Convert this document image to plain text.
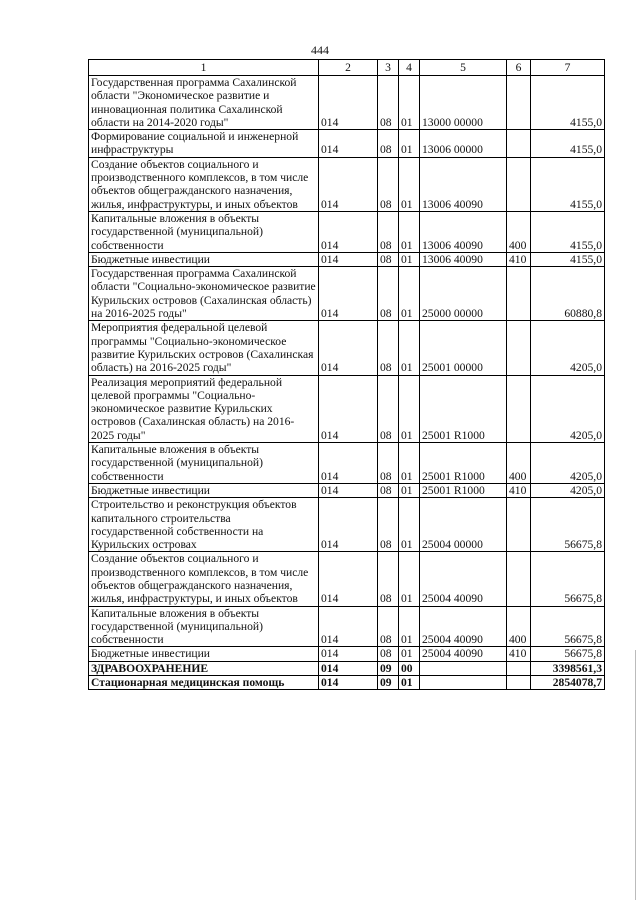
444
1	2	3	4	5	6	7
Государственная программа Сахалинской области "Экономическое развитие и инновационная политика Сахалинской области на 2014-2020 годы"	014	08	01	13000 00000		4155,0
Формирование социальной и инженерной инфраструктуры	014	08	01	13006 00000		4155,0
Создание объектов социального и производственного комплексов, в том числе объектов общегражданского назначения, жилья, инфраструктуры, и иных объектов	014	08	01	13006 40090		4155,0
Капитальные вложения в объекты государственной (муниципальной) собственности	014	08	01	13006 40090	400	4155,0
Бюджетные инвестиции	014	08	01	13006 40090	410	4155,0
Государственная программа Сахалинской области "Социально-экономическое развитие Курильских островов (Сахалинская область) на 2016-2025 годы"	014	08	01	25000 00000		60880,8
Мероприятия федеральной целевой программы "Социально-экономическое развитие Курильских островов (Сахалинская область) на 2016-2025 годы"	014	08	01	25001 00000		4205,0
Реализация мероприятий федеральной целевой программы "Социально-экономическое развитие Курильских островов (Сахалинская область) на 2016-2025 годы"	014	08	01	25001 R1000		4205,0
Капитальные вложения в объекты государственной (муниципальной) собственности	014	08	01	25001 R1000	400	4205,0
Бюджетные инвестиции	014	08	01	25001 R1000	410	4205,0
Строительство и реконструкция объектов капитального строительства государственной собственности на Курильских островах	014	08	01	25004 00000		56675,8
Создание объектов социального и производственного комплексов, в том числе объектов общегражданского назначения, жилья, инфраструктуры, и иных объектов	014	08	01	25004 40090		56675,8
Капитальные вложения в объекты государственной (муниципальной) собственности	014	08	01	25004 40090	400	56675,8
Бюджетные инвестиции	014	08	01	25004 40090	410	56675,8
ЗДРАВООХРАНЕНИЕ	014	09	00			3398561,3
Стационарная медицинская помощь	014	09	01			2854078,7
